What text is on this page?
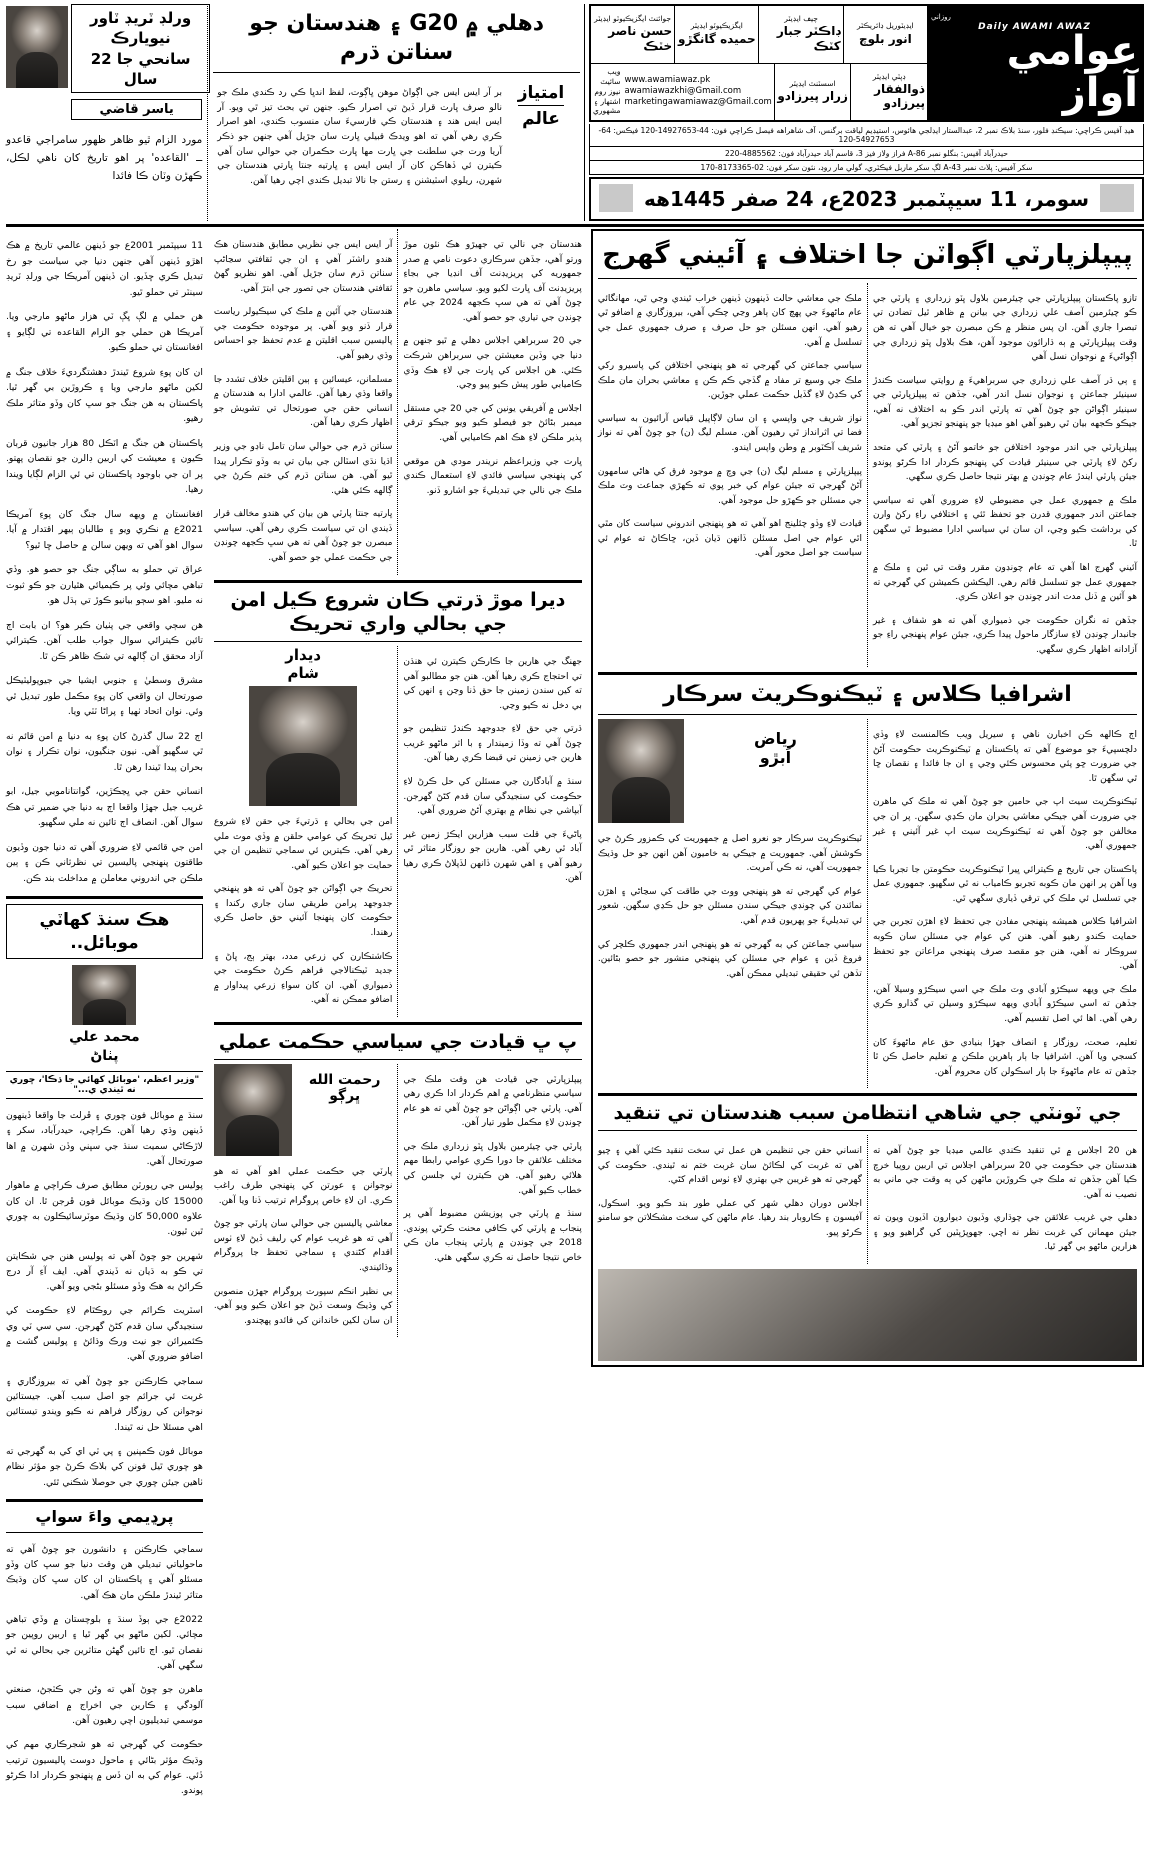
روزاني
Daily AWAMI AWAZ
عوامي آواز
ايڊيٽوريل ڊائريڪٽر
انور بلوچ
چيف ايڊيٽر
ڊاڪٽر جبار کٽڪ
ايگزيڪيوٽو ايڊيٽر
حميده گانگڙو
جوائنٽ ايگزيڪيوٽو ايڊيٽر
حسن ناصر خٽڪ
ڊپٽي ايڊيٽر
ذوالفقار پيرزادو
اسسٽنٽ ايڊيٽر
زرار پيرزادو
ويب سائيٽ
نيوز روم
اشتهار ۽ مشهوري
www.awamiawaz.pk
awamiawazkhi@Gmail.com
marketingawamiawaz@Gmail.com
هيڊ آفيس ڪراچي: سيڪنڊ فلور، سنڌ بلاڪ نمبر 2، عبدالستار ايڊلجي هائوس، استيڊيم لياقت برگنس، آف شاهراهه فيصل ڪراچي فون: 44-35672941-021 فيڪس: 46-35672945-021
حيدرآباد آفيس: بنگلو نمبر 68-A فراز ولاز فيز 3، قاسم آباد حيدرآباد فون: 2655884-022
سکر آفيس: پلاٽ نمبر 34-A لڳ سکر ماربل فيڪٽري، گولي مار روڊ، نئون سکر فون: 20-5633718-071
سومر، 11 سيپٽمبر 2023ع، 24 صفر 1445هه
دهلي ۾ G20 ۽ هندستان جو سناتن ڌرم
امتياز
عالم

بر آر ايس ايس جي اڳواڻ موهن ڀاڳوت، لفظ اندڀا ڪي رد ڪندي ملڪ جو نالو صرف ڀارت قرار ڏيڻ تي اصرار ڪيو. جنهن تي بحث تيز ٿي ويو. آر ايس ايس هند ۽ هندستان ڪي فارسيءَ سان منسوب ڪندي، اهو اصرار ڪري رهي آهي ته اهو ويدڪ قبيلي ڀارت سان جڙيل آهي جنهن جو ذڪر آريا ورت جي سلطنت جي ڀارت مها ڀارت حڪمران جي حوالي سان آهي ڪيترن ئي ڏهاڪن کان آر ايس ايس ۽ ڀارتيه جنتا ڀارتي هندستان جي شهرن، ريلوي اسٽيشنن ۽ رستن جا نالا تبديل ڪندي اچي رهيا آهن.

ورلڊ ٽريڊ ٽاور نيويارڪ
سانحي جا 22 سال
ياسر قاضي

مورد الزام ٿيو ظاهر ظهور سامراجي قاعدو ــ 'القاعده' پر اهو تاريخ کان ناهي لڪل، ڪهڙن وٽان ڪا فائدا

پيپلزپارٽي اڳواٽن جا اختلاف ۽ آئيني گهرج

تازو پاڪستان پيپلزپارٽي جي چيئرمين بلاول ڀٽو زرداري ۽ پارٽي جي ڪو چيئرمين آصف علي زرداري جي بيانن ۾ ظاهر ٿيل تضادن تي تبصرا جاري آهن. ان پس منظر ۾ ڪن مبصرن جو خيال آهي ته هن وقت پيپلزپارٽي ۾ ٻه ڌارائون موجود آهن، هڪ بلاول ڀٽو زرداري جي اڳواڻيءَ ۾ نوجوان نسل آهي

۽ ٻي ڌر آصف علي زرداري جي سربراهيءَ ۾ روايتي سياست ڪندڙ سينيئر جماعتن ۽ نوجوان نسل اندر آهي، جڏهن ته پيپلزپارٽي جي سينيئر اڳواڻن جو چوڻ آهي ته پارٽي اندر ڪو به اختلاف نه آهي، جيڪو ڪجهه بيان ٿي رهيو آهي اهو ميڊيا جو پنهنجو تجزيو آهي.

پيپلزپارٽي جي اندر موجود اختلافن جو خاتمو آڻڻ ۽ پارٽي کي متحد رکڻ لاءِ پارٽي جي سينيئر قيادت کي پنهنجو ڪردار ادا ڪرڻو پوندو جيئن پارٽي ايندڙ عام چونڊن ۾ بهتر نتيجا حاصل ڪري سگهي.

ملڪ ۾ جمهوري عمل جي مضبوطي لاءِ ضروري آهي ته سياسي جماعتن اندر جمهوري قدرن جو تحفظ ٿئي ۽ اختلافي راءِ رکڻ وارن کي برداشت ڪيو وڃي، ان سان ئي سياسي ادارا مضبوط ٿي سگهن ٿا.

آئيني گهرج اها آهي ته عام چونڊون مقرر وقت تي ٿين ۽ ملڪ ۾ جمهوري عمل جو تسلسل قائم رهي. اليڪشن ڪميشن کي گهرجي ته هو آئين ۾ ڏنل مدت اندر چونڊن جو اعلان ڪري.

جڏهن ته نگران حڪومت جي ذميواري آهي ته هو شفاف ۽ غير جانبدار چونڊن لاءِ سازگار ماحول پيدا ڪري، جيئن عوام پنهنجي راءِ جو آزادانه اظهار ڪري سگهي.

ملڪ جي معاشي حالت ڏينهون ڏينهن خراب ٿيندي وڃي ٿي، مهانگائي عام ماڻهوءَ جي پهچ کان ٻاهر وڃي چڪي آهي، بيروزگاري ۾ اضافو ٿي رهيو آهي. انهن مسئلن جو حل صرف ۽ صرف جمهوري عمل جي تسلسل ۾ آهي.

سياسي جماعتن کي گهرجي ته هو پنهنجي اختلافن کي پاسيرو رکي ملڪ جي وسيع تر مفاد ۾ گڏجي ڪم ڪن ۽ معاشي بحران مان ملڪ کي ڪڍڻ لاءِ گڏيل حڪمت عملي جوڙين.

نواز شريف جي واپسي ۽ ان سان لاڳاپيل قياس آرائيون به سياسي فضا تي اثرانداز ٿي رهيون آهن. مسلم ليگ (ن) جو چوڻ آهي ته نواز شريف آڪٽوبر ۾ وطن واپس ايندو.

پيپلزپارٽي ۽ مسلم ليگ (ن) جي وچ ۾ موجود فرق کي هاڻي سامهون آڻڻ گهرجي ته جيئن عوام کي خبر پوي ته ڪهڙي جماعت وٽ ملڪ جي مسئلن جو ڪهڙو حل موجود آهي.

قيادت لاءِ وڏو چئلينج اهو آهي ته هو پنهنجي اندروني سياست کان مٿي اٿي عوام جي اصل مسئلن ڏانهن ڌيان ڏين، ڇاڪاڻ ته عوام ئي سياست جو اصل محور آهي.

اشرافيا ڪلاس ۽ ٽيڪنوڪريٽ سرڪار

اڄ ڪالهه ڪن اخبارن ناهي ۽ سيريل ويب ڪالمنسٽ لاءِ وڏي دلچسپيءَ جو موضوع آهي ته پاڪستان ۾ ٽيڪنوڪريٽ حڪومت آڻڻ جي ضرورت ڇو پئي محسوس ڪئي وڃي ۽ ان جا فائدا ۽ نقصان ڇا ٿي سگهن ٿا.

ٽيڪنوڪريٽ سيٽ اپ جي حامين جو چوڻ آهي ته ملڪ کي ماهرن جي ضرورت آهي جيڪي معاشي بحران مان ڪڍي سگهن. پر ان جي مخالفن جو چوڻ آهي ته ٽيڪنوڪريٽ سيٽ اپ غير آئيني ۽ غير جمهوري آهي.

پاڪستان جي تاريخ ۾ ڪيترائي ڀيرا ٽيڪنوڪريٽ حڪومتن جا تجربا ڪيا ويا آهن پر انهن مان ڪوبه تجربو ڪامياب نه ٿي سگهيو. جمهوري عمل جي تسلسل ئي ملڪ کي ترقي ڏياري سگهي ٿي.

اشرافيا ڪلاس هميشه پنهنجي مفادن جي تحفظ لاءِ اهڙن تجربن جي حمايت ڪندو رهيو آهي. هنن کي عوام جي مسئلن سان ڪوبه سروڪار نه آهي، هنن جو مقصد صرف پنهنجي مراعاتن جو تحفظ آهي.

ملڪ جي ويهه سيڪڙو آبادي وٽ ملڪ جي اسي سيڪڙو وسيلا آهن، جڏهن ته اسي سيڪڙو آبادي ويهه سيڪڙو وسيلن تي گذارو ڪري رهي آهي. اها ئي اصل تقسيم آهي.

تعليم، صحت، روزگار ۽ انصاف جهڙا بنيادي حق عام ماڻهوءَ کان کسجي ويا آهن. اشرافيا جا ٻار ٻاهرين ملڪن ۾ تعليم حاصل ڪن ٿا جڏهن ته عام ماڻهوءَ جا ٻار اسڪولن کان محروم آهن.

رياض
اَبڙو

ٽيڪنوڪريٽ سرڪار جو نعرو اصل ۾ جمهوريت کي ڪمزور ڪرڻ جي ڪوشش آهي. جمهوريت ۾ جيڪي به خاميون آهن انهن جو حل وڌيڪ جمهوريت آهي، نه ڪي آمريت.

عوام کي گهرجي ته هو پنهنجي ووٽ جي طاقت کي سڃاڻي ۽ اهڙن نمائندن کي چونڊي جيڪي سندن مسئلن جو حل ڪڍي سگهن. شعور ئي تبديليءَ جو پهريون قدم آهي.

سياسي جماعتن کي به گهرجي ته هو پنهنجي اندر جمهوري ڪلچر کي فروغ ڏين ۽ عوام جي مسئلن کي پنهنجي منشور جو حصو بڻائين. تڏهن ئي حقيقي تبديلي ممڪن آهي.

جي ٽونٽي جي شاهي انتظامن سبب هندستان تي تنقيد

هن 20 اجلاس ۾ ٿي تنقيد ڪندي عالمي ميڊيا جو چوڻ آهي ته هندستان جي حڪومت جي 20 سربراهي اجلاس تي اربين روپيا خرچ ڪيا آهن جڏهن ته ملڪ جي ڪروڙين ماڻهن کي ٻه وقت جي ماني به نصيب نه آهي.

دهلي جي غريب علائقن جي چوڌاري وڏيون ديوارون اڏيون ويون ته جيئن مهمانن کي غربت نظر نه اچي. جهوپڙپٽين کي گراهيو ويو ۽ هزارين ماڻهو بي گهر ٿيا.

انساني حقن جي تنظيمن هن عمل تي سخت تنقيد ڪئي آهي ۽ چيو آهي ته غربت کي لڪائڻ سان غربت ختم نه ٿيندي. حڪومت کي گهرجي ته هو غريبن جي بهتري لاءِ ٺوس اقدام کڻي.

اجلاس دوران دهلي شهر کي عملي طور بند ڪيو ويو. اسڪول، آفيسون ۽ ڪاروبار بند رهيا. عام ماڻهن کي سخت مشڪلاتن جو سامنو ڪرڻو پيو.

هندستان جي نالي تي جهيڙو هڪ نئون موڙ ورتو آهي، جڏهن سرڪاري دعوت نامي ۾ صدر جمهوريه کي پريزيڊنٽ آف انڊيا جي بجاءِ پريزيڊنٽ آف ڀارت لکيو ويو. سياسي ماهرن جو چوڻ آهي ته هي سڀ ڪجهه 2024 جي عام چونڊن جي تياري جو حصو آهي.

جي 20 سربراهي اجلاس دهلي ۾ ٿيو جنهن ۾ دنيا جي وڏين معيشتن جي سربراهن شرڪت ڪئي. هن اجلاس کي ڀارت جي لاءِ هڪ وڏي ڪاميابي طور پيش ڪيو پيو وڃي.

اجلاس ۾ آفريقي يونين کي جي 20 جي مستقل ميمبر بڻائڻ جو فيصلو ڪيو ويو جيڪو ترقي پذير ملڪن لاءِ هڪ اهم ڪاميابي آهي.

ڀارت جي وزيراعظم نريندر مودي هن موقعي کي پنهنجي سياسي فائدي لاءِ استعمال ڪندي ملڪ جي نالي جي تبديليءَ جو اشارو ڏنو.

آر ايس ايس جي نظريي مطابق هندستان هڪ هندو راشٽر آهي ۽ ان جي ثقافتي سڃاڻپ سناتن ڌرم سان جڙيل آهي. اهو نظريو گهڻ ثقافتي هندستان جي تصور جي ابتڙ آهي.

هندستان جي آئين ۾ ملڪ کي سيڪيولر رياست قرار ڏنو ويو آهي. پر موجوده حڪومت جي پاليسين سبب اقليتن ۾ عدم تحفظ جو احساس وڌي رهيو آهي.

مسلمانن، عيسائين ۽ ٻين اقليتن خلاف تشدد جا واقعا وڌي رهيا آهن. عالمي ادارا به هندستان ۾ انساني حقن جي صورتحال تي تشويش جو اظهار ڪري رهيا آهن.

سناتن ڌرم جي حوالي سان تامل ناڊو جي وزير اڌيا نڌي اسٽالن جي بيان تي به وڏو تڪرار پيدا ٿيو آهي. هن سناتن ڌرم کي ختم ڪرڻ جي ڳالهه ڪئي هئي.

ڀارتيه جنتا پارٽي هن بيان کي هندو مخالف قرار ڏيندي ان تي سياست ڪري رهي آهي. سياسي مبصرن جو چوڻ آهي ته هي سڀ ڪجهه چونڊن جي حڪمت عملي جو حصو آهي.

ديرا موڙ ڌرتي ڪان شروع ڪيل امن جي بحالي واري تحريڪ

جهنگ جي هارين جا ڪارڪن ڪيترن ئي هنڌن تي احتجاج ڪري رهيا آهن. هنن جو مطالبو آهي ته کين سندن زمينن جا حق ڏنا وڃن ۽ انهن کي بي دخل نه ڪيو وڃي.

ڌرتي جي حق لاءِ جدوجهد ڪندڙ تنظيمن جو چوڻ آهي ته وڏا زميندار ۽ با اثر ماڻهو غريب هارين جي زمينن تي قبضا ڪري رهيا آهن.

سنڌ ۾ آبادگارن جي مسئلن کي حل ڪرڻ لاءِ حڪومت کي سنجيدگي سان قدم کڻڻ گهرجن. آبپاشي جي نظام ۾ بهتري آڻڻ ضروري آهي.

پاڻيءَ جي قلت سبب هزارين ايڪڙ زمين غير آباد ٿي رهي آهي. هارين جو روزگار متاثر ٿي رهيو آهي ۽ اهي شهرن ڏانهن لڏپلاڻ ڪري رهيا آهن.

ديدار
شام

امن جي بحالي ۽ ڌرتيءَ جي حقن لاءِ شروع ٿيل تحريڪ کي عوامي حلقن ۾ وڏي موٽ ملي رهي آهي. ڪيترين ئي سماجي تنظيمن ان جي حمايت جو اعلان ڪيو آهي.

تحريڪ جي اڳواڻن جو چوڻ آهي ته هو پنهنجي جدوجهد پرامن طريقي سان جاري رکندا ۽ حڪومت کان پنهنجا آئيني حق حاصل ڪري رهندا.

ڪاشتڪارن کي زرعي مدد، بهتر ٻج، ڀاڻ ۽ جديد ٽيڪنالاجي فراهم ڪرڻ حڪومت جي ذميواري آهي. ان کان سواءِ زرعي پيداوار ۾ اضافو ممڪن نه آهي.

پ ڀ قيادت جي سياسي حڪمت عملي

پيپلزپارٽي جي قيادت هن وقت ملڪ جي سياسي منظرنامي ۾ اهم ڪردار ادا ڪري رهي آهي. پارٽي جي اڳواڻن جو چوڻ آهي ته هو عام چونڊن لاءِ مڪمل طور تيار آهن.

پارٽي جي چيئرمين بلاول ڀٽو زرداري ملڪ جي مختلف علائقن جا دورا ڪري عوامي رابطا مهم هلائي رهيو آهي. هن ڪيترن ئي جلسن کي خطاب ڪيو آهي.

سنڌ ۾ پارٽي جي پوزيشن مضبوط آهي پر پنجاب ۾ پارٽي کي ڪافي محنت ڪرڻي پوندي. 2018 جي چونڊن ۾ پارٽي پنجاب مان ڪي خاص نتيجا حاصل نه ڪري سگهي هئي.

رحمت الله
ڀرڳو

پارٽي جي حڪمت عملي اهو آهي ته هو نوجوانن ۽ عورتن کي پنهنجي طرف راغب ڪري. ان لاءِ خاص پروگرام ترتيب ڏنا ويا آهن.

معاشي پاليسين جي حوالي سان پارٽي جو چوڻ آهي ته هو غريب عوام کي رليف ڏيڻ لاءِ ٺوس اقدام کڻندي ۽ سماجي تحفظ جا پروگرام وڌائيندي.

بي نظير انڪم سپورٽ پروگرام جهڙن منصوبن کي وڌيڪ وسعت ڏيڻ جو اعلان ڪيو ويو آهي. ان سان لکين خاندانن کي فائدو پهچندو.

11 سيپٽمبر 2001ع جو ڏينهن عالمي تاريخ ۾ هڪ اهڙو ڏينهن آهي جنهن دنيا جي سياست جو رخ تبديل ڪري ڇڏيو. ان ڏينهن آمريڪا جي ورلڊ ٽريڊ سينٽر تي حملو ٿيو.

هن حملي ۾ لڳ ڀڳ ٽي هزار ماڻهو مارجي ويا. آمريڪا هن حملي جو الزام القاعده تي لڳايو ۽ افغانستان تي حملو ڪيو.

ان کان پوءِ شروع ٿيندڙ دهشتگرديءَ خلاف جنگ ۾ لکين ماڻهو مارجي ويا ۽ ڪروڙين بي گهر ٿيا. پاڪستان به هن جنگ جو سڀ کان وڏو متاثر ملڪ رهيو.

پاڪستان هن جنگ ۾ اٽڪل 80 هزار جانيون قربان ڪيون ۽ معيشت کي اربين ڊالرن جو نقصان پهتو. پر ان جي باوجود پاڪستان تي ئي الزام لڳايا ويندا رهيا.

افغانستان ۾ ويهه سال جنگ کان پوءِ آمريڪا 2021ع ۾ نڪري ويو ۽ طالبان ٻيهر اقتدار ۾ آيا. سوال اهو آهي ته ويهن سالن ۾ حاصل ڇا ٿيو؟

عراق تي حملو به ساڳي جنگ جو حصو هو. وڏي تباهي مچائي وئي پر ڪيميائي هٿيارن جو ڪو ثبوت نه مليو. اهو سڄو بيانيو ڪوڙ تي ٻڌل هو.

هن سڄي واقعي جي پٺيان ڪير هو؟ ان بابت اڄ تائين ڪيترائي سوال جواب طلب آهن. ڪيترائي آزاد محقق ان ڳالهه تي شڪ ظاهر ڪن ٿا.

مشرق وسطيٰ ۽ جنوبي ايشيا جي جيوپوليٽيڪل صورتحال ان واقعي کان پوءِ مڪمل طور تبديل ٿي وئي. نوان اتحاد ٺهيا ۽ پراڻا ٽٽي ويا.

اڄ 22 سال گذرڻ کان پوءِ به دنيا ۾ امن قائم نه ٿي سگهيو آهي. نيون جنگيون، نوان تڪرار ۽ نوان بحران پيدا ٿيندا رهن ٿا.

انساني حقن جي ڀڃڪڙين، گوانتاناموبي جيل، ابو غريب جيل جهڙا واقعا اڄ به دنيا جي ضمير تي هڪ سوال آهن. انصاف اڄ تائين نه ملي سگهيو.

امن جي قائمي لاءِ ضروري آهي ته دنيا جون وڏيون طاقتون پنهنجي پاليسين تي نظرثاني ڪن ۽ ٻين ملڪن جي اندروني معاملن ۾ مداخلت بند ڪن.

هڪ سنڌ کھاٽي
موبائل..
محمد علي
پٺاڻ
"وزير اعظم، 'موبائل کھائي جا ڌڪا'، ڇوري نه ٿيندي ي..."

سنڌ ۾ موبائل فون چوري ۽ ڦرلٽ جا واقعا ڏينهون ڏينهن وڌي رهيا آهن. ڪراچي، حيدرآباد، سکر ۽ لاڙڪاڻي سميت سنڌ جي سڀني وڏن شهرن ۾ اها صورتحال آهي.

پوليس جي رپورٽن مطابق صرف ڪراچي ۾ ماهوار 15000 کان وڌيڪ موبائل فون ڦرجن ٿا. ان کان علاوه 50,000 کان وڌيڪ موٽرسائيڪلون به چوري ٿين ٿيون.

شهرين جو چوڻ آهي ته پوليس هنن جي شڪايتن تي ڪو به ڌيان نه ڏيندي آهي. ايف آءِ آر درج ڪرائڻ به هڪ وڏو مسئلو بڻجي ويو آهي.

اسٽريٽ ڪرائم جي روڪٿام لاءِ حڪومت کي سنجيدگي سان قدم کڻڻ گهرجن. سي سي ٽي وي ڪئميرائن جو نيٽ ورڪ وڌائڻ ۽ پوليس گشت ۾ اضافو ضروري آهي.

سماجي ڪارڪنن جو چوڻ آهي ته بيروزگاري ۽ غربت ئي جرائم جو اصل سبب آهي. جيستائين نوجوانن کي روزگار فراهم نه ڪيو ويندو تيستائين اهي مسئلا حل نه ٿيندا.

موبائل فون ڪمپنين ۽ پي ٽي اي کي به گهرجي ته هو چوري ٿيل فونن کي بلاڪ ڪرڻ جو مؤثر نظام ٺاهين جيئن چوري جي حوصلا شڪني ٿئي.

پرڍيمي واءَ سواڀ

سماجي ڪارڪنن ۽ دانشورن جو چوڻ آهي ته ماحولياتي تبديلي هن وقت دنيا جو سڀ کان وڏو مسئلو آهي ۽ پاڪستان ان کان سڀ کان وڌيڪ متاثر ٿيندڙ ملڪن مان هڪ آهي.

2022ع جي ٻوڏ سنڌ ۽ بلوچستان ۾ وڏي تباهي مچائي. لکين ماڻهو بي گهر ٿيا ۽ اربين روپين جو نقصان ٿيو. اڄ تائين گهڻن متاثرين جي بحالي نه ٿي سگهي آهي.

ماهرن جو چوڻ آهي ته وڻن جي ڪٽجڻ، صنعتي آلودگي ۽ ڪاربن جي اخراج ۾ اضافي سبب موسمي تبديليون اچي رهيون آهن.

حڪومت کي گهرجي ته هو شجرڪاري مهم کي وڌيڪ مؤثر بڻائي ۽ ماحول دوست پاليسيون ترتيب ڏئي. عوام کي به ان ڏس ۾ پنهنجو ڪردار ادا ڪرڻو پوندو.
